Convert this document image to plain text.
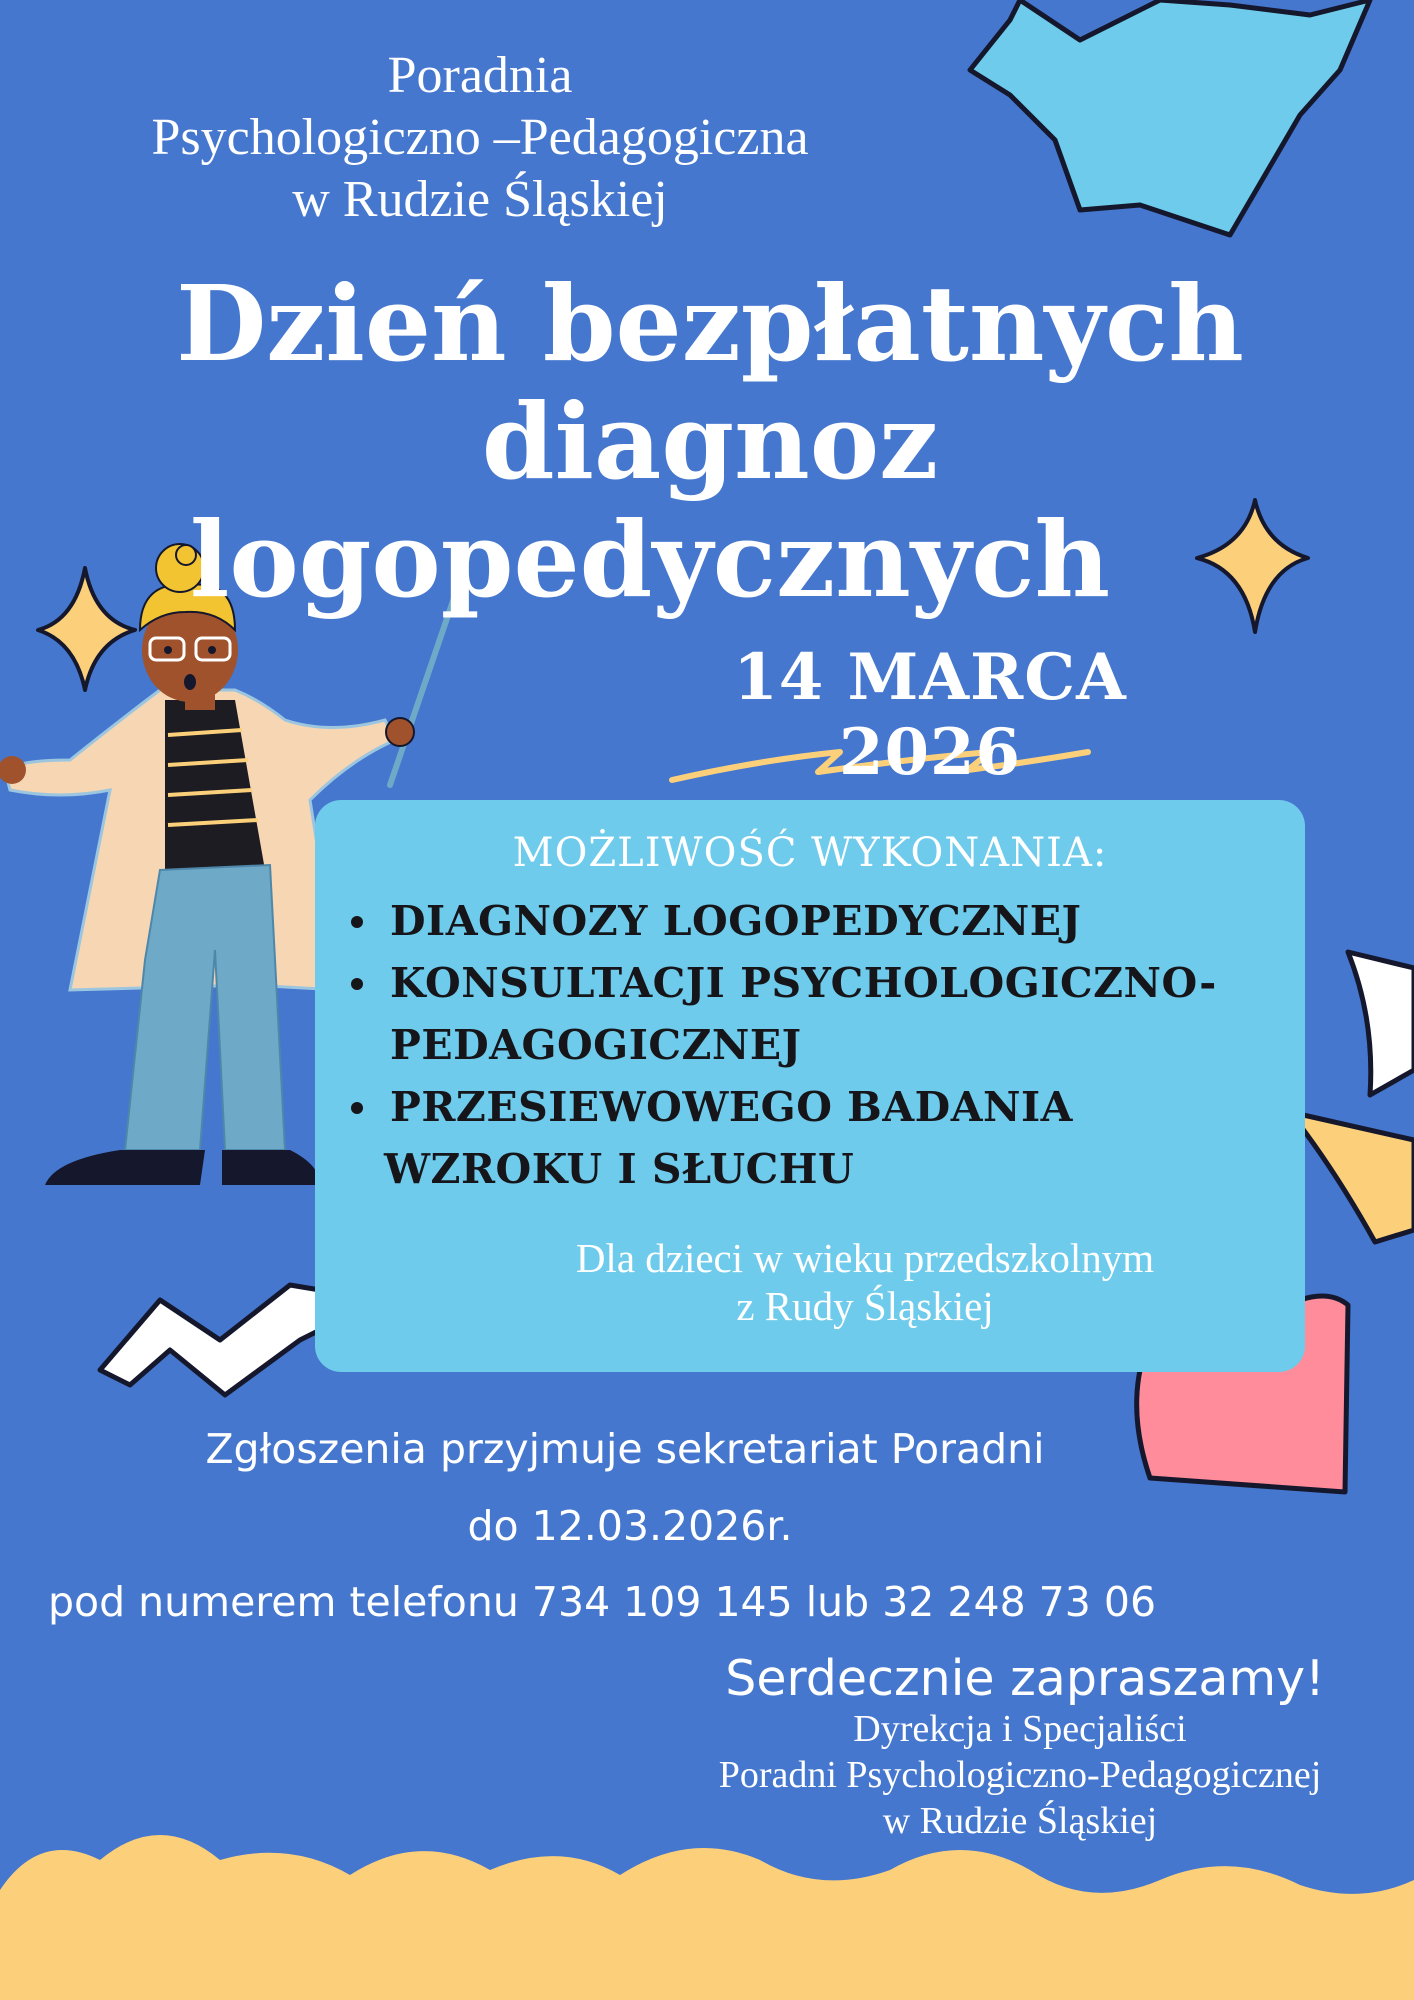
Poradnia
Psychologiczno –Pedagogiczna
w Rudzie Śląskiej
Dzień bezpłatnych
diagnoz
logopedycznych
14 MARCA 2026
MOŻLIWOŚĆ WYKONANIA:
DIAGNOZY LOGOPEDYCZNEJ
KONSULTACJI PSYCHOLOGICZNO-
PEDAGOGICZNEJ
PRZESIEWOWEGO BADANIA
WZROKU I SŁUCHU
Dla dzieci w wieku przedszkolnym
z Rudy Śląskiej
Zgłoszenia przyjmuje sekretariat Poradni
do 12.03.2026r.
pod numerem telefonu 734 109 145 lub 32 248 73 06
Serdecznie zapraszamy!
Dyrekcja i Specjaliści
Poradni Psychologiczno-Pedagogicznej
w Rudzie Śląskiej
